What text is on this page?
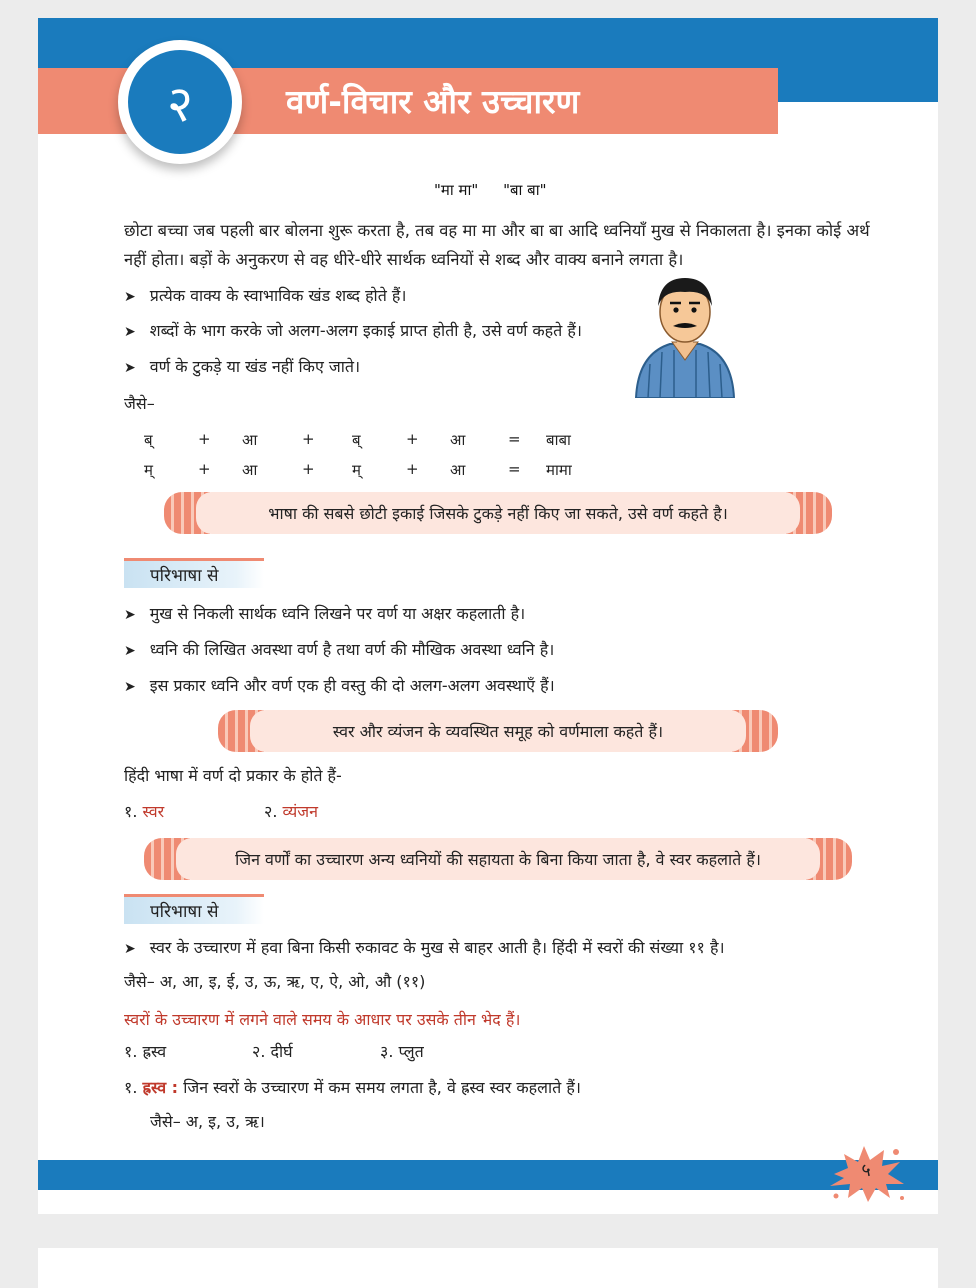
२	वर्ण-विचार और उच्चारण
"मा मा" "बा बा"
छोटा बच्चा जब पहली बार बोलना शुरू करता है, तब वह मा मा और बा बा आदि ध्वनियाँ मुख से निकालता है। इनका कोई अर्थ नहीं होता। बड़ों के अनुकरण से वह धीरे-धीरे सार्थक ध्वनियों से शब्द और वाक्य बनाने लगता है।
➤ प्रत्येक वाक्य के स्वाभाविक खंड शब्द होते हैं।
➤ शब्दों के भाग करके जो अलग-अलग इकाई प्राप्त होती है, उसे वर्ण कहते हैं।
➤ वर्ण के टुकड़े या खंड नहीं किए जाते।
जैसे–
ब्	+ आ	+ ब्	+ आ	= बाबा
म्	+ आ	+ म्	+ आ	= मामा
भाषा की सबसे छोटी इकाई जिसके टुकड़े नहीं किए जा सकते, उसे वर्ण कहते है।
परिभाषा से
➤ मुख से निकली सार्थक ध्वनि लिखने पर वर्ण या अक्षर कहलाती है।
➤ ध्वनि की लिखित अवस्था वर्ण है तथा वर्ण की मौखिक अवस्था ध्वनि है।
➤ इस प्रकार ध्वनि और वर्ण एक ही वस्तु की दो अलग-अलग अवस्थाएँ हैं।
स्वर और व्यंजन के व्यवस्थित समूह को वर्णमाला कहते हैं।
हिंदी भाषा में वर्ण दो प्रकार के होते हैं-
१. स्वर	२. व्यंजन
जिन वर्णों का उच्चारण अन्य ध्वनियों की सहायता के बिना किया जाता है, वे स्वर कहलाते हैं।
परिभाषा से
➤ स्वर के उच्चारण में हवा बिना किसी रुकावट के मुख से बाहर आती है। हिंदी में स्वरों की संख्या ११ है।
जैसे– अ, आ, इ, ई, उ, ऊ, ऋ, ए, ऐ, ओ, औ (११)
स्वरों के उच्चारण में लगने वाले समय के आधार पर उसके तीन भेद हैं।
१. ह्रस्व	२. दीर्घ	३. प्लुत
१. ह्रस्व : जिन स्वरों के उच्चारण में कम समय लगता है, वे ह्रस्व स्वर कहलाते हैं।
जैसे– अ, इ, उ, ऋ।
५
